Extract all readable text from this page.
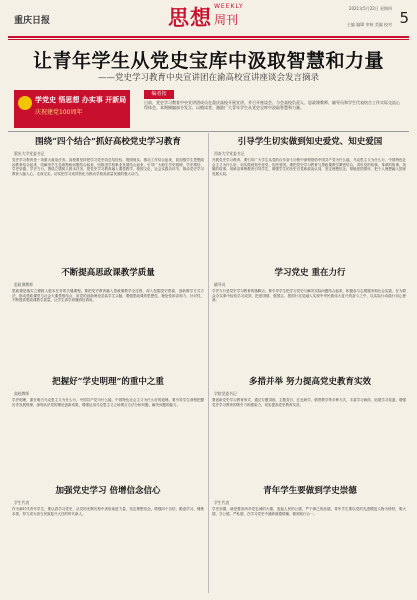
重庆日报	思想 WEEKLY
周刊
2021年5月22日 星期四
主编 编辑 审核 美编 校对 5
让青年学生从党史宝库中汲取智慧和力量
——党史学习教育中央宣讲团在渝高校宣讲座谈会发言摘录
学党史 悟思想 办实事 开新局
庆祝建党100周年
编者按
日前，党史学习教育中央宣讲团成员在重庆高校开展宣讲，并召开座谈会。与会高校负责人、思政课教师、辅导员和学生代表结合工作实际交流心得体会，本期摘编部分发言，以飨读者，激励广大青年学生从党史宝库中汲取智慧和力量。
围绕“四个结合”抓好高校党史学习教育
重庆大学党委书记
党史学习教育是一项重大政治任务。高校要坚持把学习党史同总结经验、观照现实、推动工作结合起来，同加强学生思想政治教育结合起来，同解决学生急难愁盼问题结合起来，同推进学校事业发展结合起来，引导广大师生学史明理、学史增信、学史崇德、学史力行。围绕立德树人根本任务，把党史学习教育融入课堂教学、校园文化、社会实践各环节，推动党史学习教育入脑入心、走深走实，切实把学习成效转化为推动学校高质量发展的强大动力。
引导学生切实做到知史爱党、知史爱国
西南大学党委书记
开展党史学习教育，要引导广大学生从党的百年奋斗历程中深刻领悟中国共产党为什么能、马克思主义为什么行、中国特色社会主义为什么好，切实做到知史爱党、知史爱国。要把党史学习教育与思政课教学紧密结合，讲好党的故事、革命的故事、英雄的故事，用鲜活事例教育引导学生，增强学生的历史自觉和政治认同，坚定理想信念，厚植爱国情怀，把个人理想融入国家发展大局。
不断提高思政课教学质量
思政课教师
思政课是落实立德树人根本任务的关键课程。要把党史教育融入思政课教学全过程，深入挖掘党史资源，创新教学方式方法，推动思政课堂与社会大课堂相结合，用党的创新理论武装学生头脑，增强思政课的思想性、理论性和亲和力、针对性，不断提高思政课教学质量，让学生真学真懂真信真用。
学习党史 重在力行
辅导员
学史力行是党史学习教育的落脚点。要引导学生把学习党史与解决实际问题结合起来，积极参与志愿服务和社会实践，在为群众办实事中检验学习成效，把爱国情、强国志、报国行自觉融入实现中华民族伟大复兴的奋斗之中，以实际行动践行初心使命。
把握好“学史明理”的重中之重
高校教师
学史明理，重在明白马克思主义为什么行、中国共产党为什么能、中国特色社会主义为什么好的道理。要引导学生深刻把握历史发展规律，深刻认识党的理论创新成果，增强运用马克思主义立场观点方法分析问题、解决问题的能力。
多措并举 努力提高党史教育实效
学院党委书记
要创新党史学习教育形式，通过专题讲座、主题党日、红色研学、情景教学等多种方式，丰富学习载体，拓展学习渠道，增强党史学习教育的吸引力和感染力，切实提高党史教育实效。
加强党史学习 倍增信念信心
学生代表
作为新时代青年学生，要认真学习党史，从党的光辉历程中汲取前进力量，坚定理想信念，增强四个自信，勤奋学习、锤炼本领，努力成为担当民族复兴大任的时代新人。
青年学生要做到学史崇德
学生代表
学史崇德，就是要崇尚对党忠诚的大德、造福人民的公德、严于律己的品德。青年学生要以党的先进模范人物为榜样，明大德、守公德、严私德，在学习党史中涵养道德情操，做到知行合一。
